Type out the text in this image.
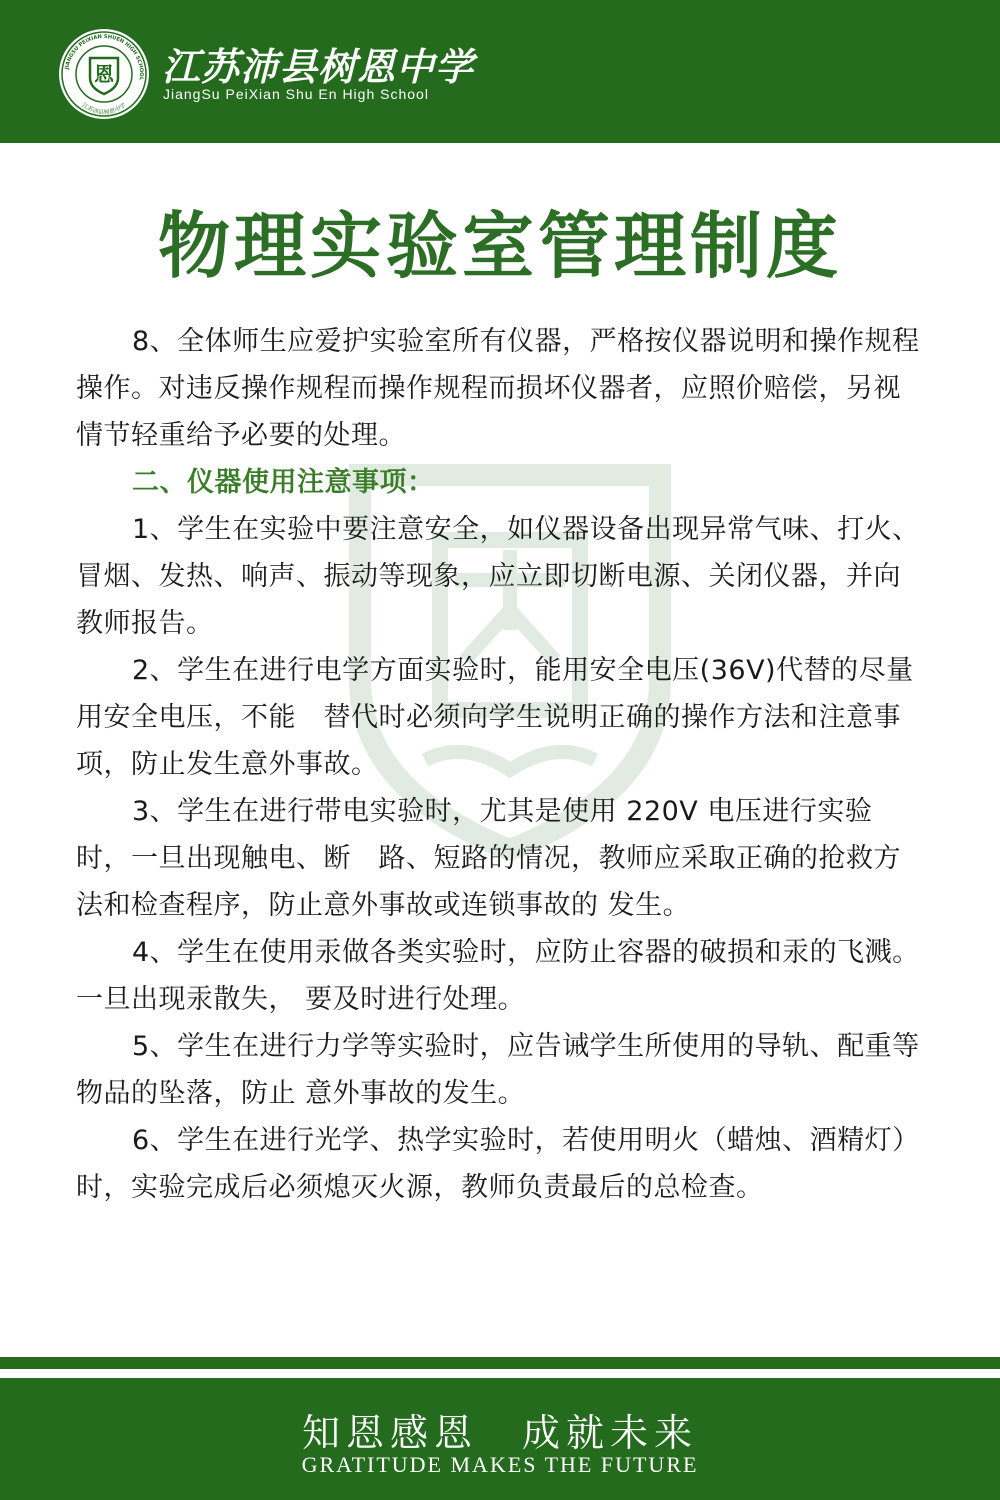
JIANGSU PEIXIAN SHUEN HIGH SCHOOL
江苏沛县树恩中学
恩 江苏沛县树恩中学
JiangSu PeiXian Shu En High School
物理实验室管理制度

8、全体师生应爱护实验室所有仪器，严格按仪器说明和操作规程操作。对违反操作规程而操作规程而损坏仪器者，应照价赔偿，另视情节轻重给予必要的处理。

二、仪器使用注意事项：

1、学生在实验中要注意安全，如仪器设备出现异常气味、打火、冒烟、发热、响声、振动等现象，应立即切断电源、关闭仪器，并向教师报告。

2、学生在进行电学方面实验时，能用安全电压(36V)代替的尽量用安全电压，不能　替代时必须向学生说明正确的操作方法和注意事项，防止发生意外事故。

3、学生在进行带电实验时，尤其是使用 220V 电压进行实验时，一旦出现触电、断　路、短路的情况，教师应采取正确的抢救方法和检查程序，防止意外事故或连锁事故的 发生。

4、学生在使用汞做各类实验时，应防止容器的破损和汞的飞溅。一旦出现汞散失， 要及时进行处理。

5、学生在进行力学等实验时，应告诫学生所使用的导轨、配重等物品的坠落，防止 意外事故的发生。

6、学生在进行光学、热学实验时，若使用明火（蜡烛、酒精灯）时，实验完成后必须熄灭火源，教师负责最后的总检查。

知恩感恩　成就未来
GRATITUDE MAKES THE FUTURE
